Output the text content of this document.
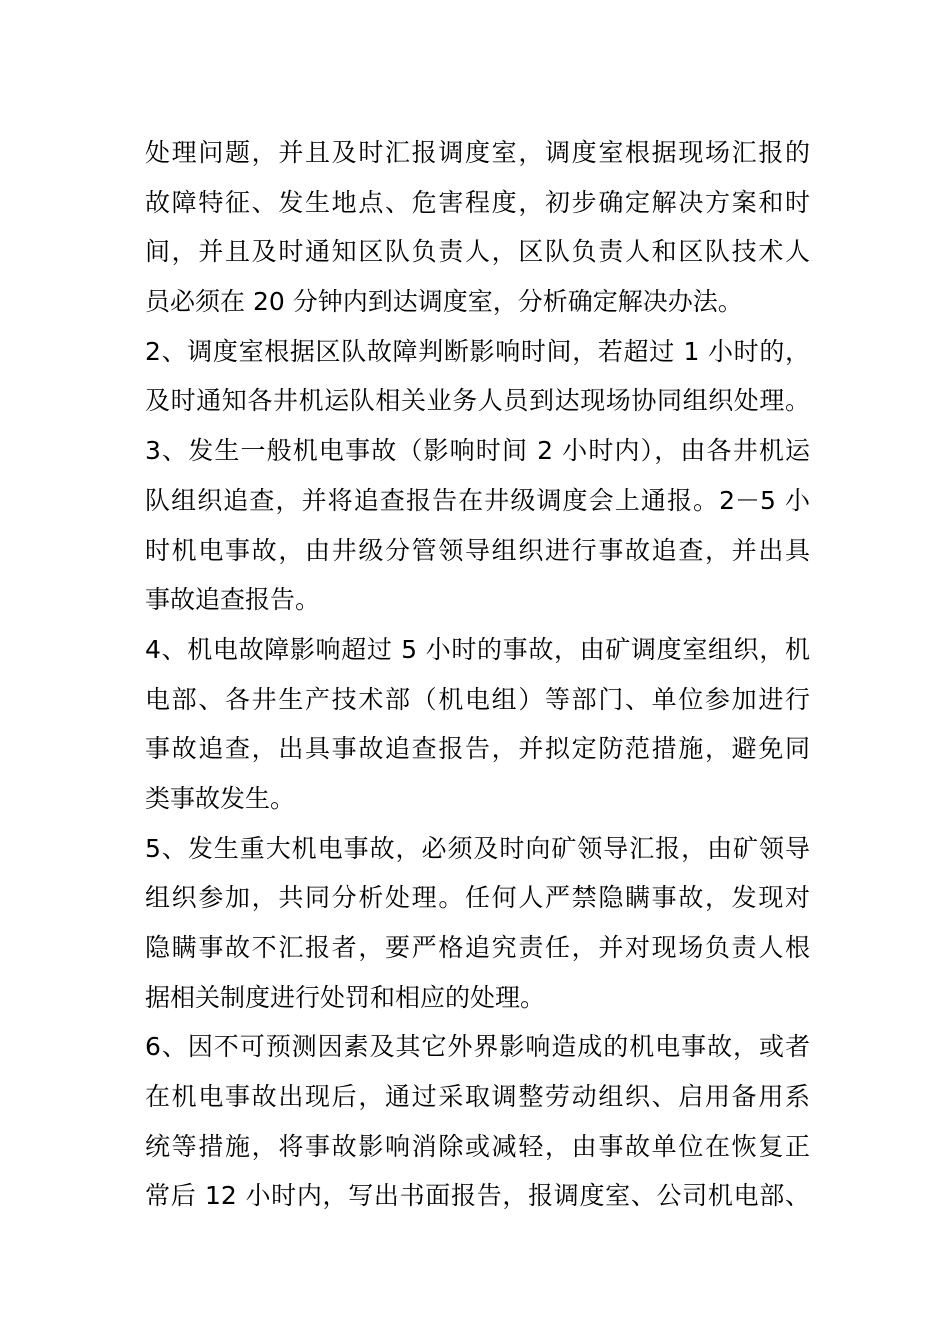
处理问题，并且及时汇报调度室，调度室根据现场汇报的
故障特征、发生地点、危害程度，初步确定解决方案和时
间，并且及时通知区队负责人，区队负责人和区队技术人
员必须在 20 分钟内到达调度室，分析确定解决办法。
2、调度室根据区队故障判断影响时间，若超过 1 小时的，
及时通知各井机运队相关业务人员到达现场协同组织处理。
3、发生一般机电事故（影响时间 2 小时内），由各井机运
队组织追查，并将追查报告在井级调度会上通报。2－5 小
时机电事故，由井级分管领导组织进行事故追查，并出具
事故追查报告。
4、机电故障影响超过 5 小时的事故，由矿调度室组织，机
电部、各井生产技术部（机电组）等部门、单位参加进行
事故追查，出具事故追查报告，并拟定防范措施，避免同
类事故发生。
5、发生重大机电事故，必须及时向矿领导汇报，由矿领导
组织参加，共同分析处理。任何人严禁隐瞒事故，发现对
隐瞒事故不汇报者，要严格追究责任，并对现场负责人根
据相关制度进行处罚和相应的处理。
6、因不可预测因素及其它外界影响造成的机电事故，或者
在机电事故出现后，通过采取调整劳动组织、启用备用系
统等措施，将事故影响消除或减轻，由事故单位在恢复正
常后 12 小时内，写出书面报告，报调度室、公司机电部、
